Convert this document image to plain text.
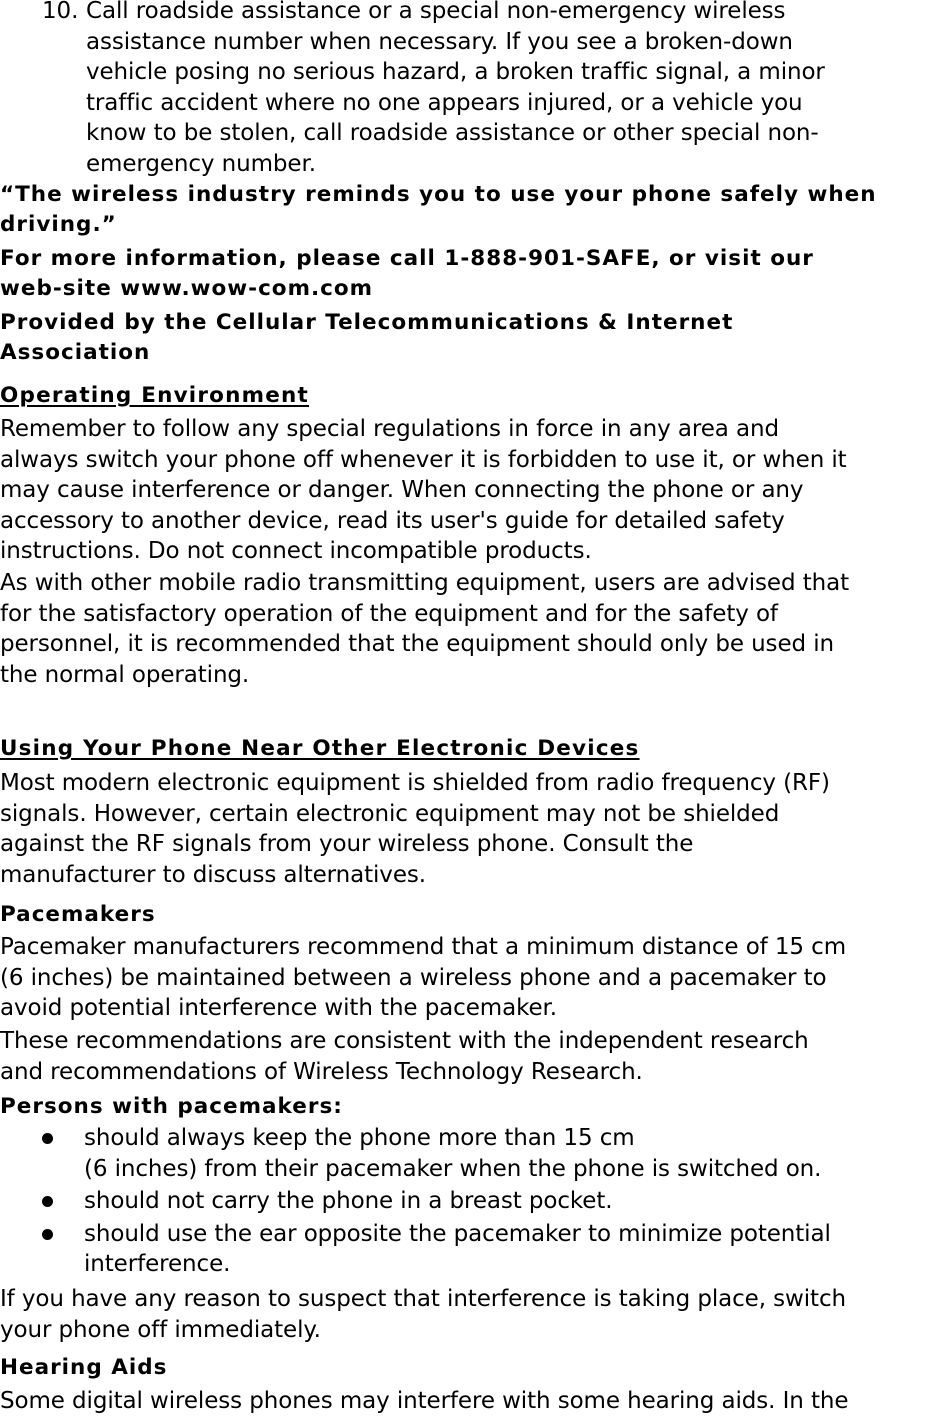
10. Call roadside assistance or a special non-emergency wireless
assistance number when necessary. If you see a broken-down
vehicle posing no serious hazard, a broken traffic signal, a minor
traffic accident where no one appears injured, or a vehicle you
know to be stolen, call roadside assistance or other special non-
emergency number.
“The wireless industry reminds you to use your phone safely when
driving.”
For more information, please call 1-888-901-SAFE, or visit our
web-site www.wow-com.com
Provided by the Cellular Telecommunications & Internet
Association
Operating Environment
Remember to follow any special regulations in force in any area and
always switch your phone off whenever it is forbidden to use it, or when it
may cause interference or danger. When connecting the phone or any
accessory to another device, read its user's guide for detailed safety
instructions. Do not connect incompatible products.
As with other mobile radio transmitting equipment, users are advised that
for the satisfactory operation of the equipment and for the safety of
personnel, it is recommended that the equipment should only be used in
the normal operating.
Using Your Phone Near Other Electronic Devices
Most modern electronic equipment is shielded from radio frequency (RF)
signals. However, certain electronic equipment may not be shielded
against the RF signals from your wireless phone. Consult the
manufacturer to discuss alternatives.
Pacemakers
Pacemaker manufacturers recommend that a minimum distance of 15 cm
(6 inches) be maintained between a wireless phone and a pacemaker to
avoid potential interference with the pacemaker.
These recommendations are consistent with the independent research
and recommendations of Wireless Technology Research.
Persons with pacemakers:
should always keep the phone more than 15 cm
(6 inches) from their pacemaker when the phone is switched on.
should not carry the phone in a breast pocket.
should use the ear opposite the pacemaker to minimize potential
interference.
If you have any reason to suspect that interference is taking place, switch
your phone off immediately.
Hearing Aids
Some digital wireless phones may interfere with some hearing aids. In the
